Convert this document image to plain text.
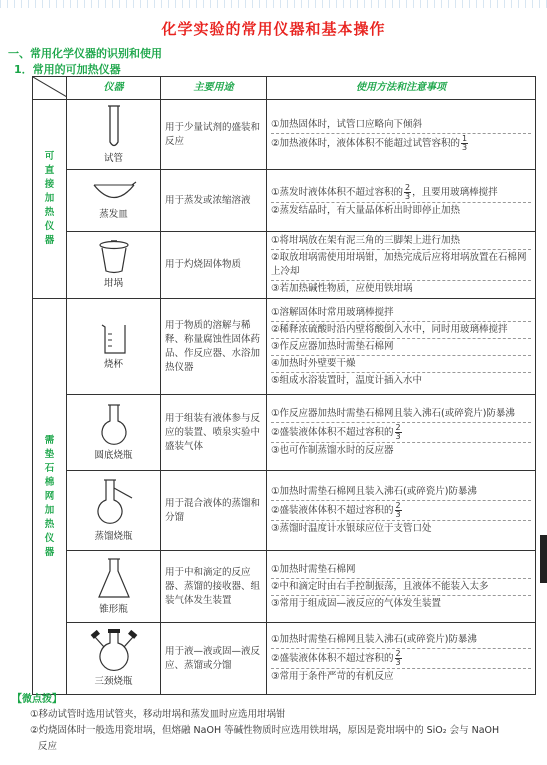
化学实验的常用仪器和基本操作
一、常用化学仪器的识别和使用
1．常用的可加热仪器
	仪器	主要用途	使用方法和注意事项
可直接加热仪器	试管	用于少量试剂的盛装和反应	①加热固体时，试管口应略向下倾斜
②加热液体时，液体体积不能超过试管容积的 $\frac{1}{3}$

	蒸发皿	用于蒸发或浓缩溶液	①蒸发时液体体积不超过容积的 $\frac{2}{3}$ ，且要用玻璃棒搅拌
②蒸发结晶时，有大量晶体析出时即停止加热

	坩埚	用于灼烧固体物质	①将坩埚放在架有泥三角的三脚架上进行加热
②取放坩埚需使用坩埚钳，加热完成后应将坩埚放置在石棉网上冷却
③若加热碱性物质，应使用铁坩埚

需垫石棉网加热仪器	烧杯	用于物质的溶解与稀释、称量腐蚀性固体药品、作反应器、水浴加热仪器	①溶解固体时常用玻璃棒搅拌
②稀释浓硫酸时沿内壁将酸倒入水中，同时用玻璃棒搅拌
③作反应器加热时需垫石棉网
④加热时外壁要干燥
⑤组成水浴装置时，温度计插入水中

	圆底烧瓶	用于组装有液体参与反应的装置、喷泉实验中盛装气体	①作反应器加热时需垫石棉网且装入沸石(或碎瓷片)防暴沸
②盛装液体体积不超过容积的 $\frac{2}{3}$
③也可作制蒸馏水时的反应器

	蒸馏烧瓶	用于混合液体的蒸馏和分馏	①加热时需垫石棉网且装入沸石(或碎瓷片)防暴沸
②盛装液体体积不超过容积的 $\frac{2}{3}$
③蒸馏时温度计水银球应位于支管口处

	锥形瓶	用于中和滴定的反应器、蒸馏的接收器、组装气体发生装置	①加热时需垫石棉网
②中和滴定时由右手控制振荡，且液体不能装入太多
③常用于组成固—液反应的气体发生装置

	三颈烧瓶	用于液—液或固—液反应、蒸馏或分馏	①加热时需垫石棉网且装入沸石(或碎瓷片)防暴沸
②盛装液体体积不超过容积的 $\frac{2}{3}$
③常用于条件严苛的有机反应
【微点拨】
①移动试管时选用试管夹，移动坩埚和蒸发皿时应选用坩埚钳
②灼烧固体时一般选用瓷坩埚，但熔融 NaOH 等碱性物质时应选用铁坩埚，原因是瓷坩埚中的 SiO₂ 会与 NaOH
反应
